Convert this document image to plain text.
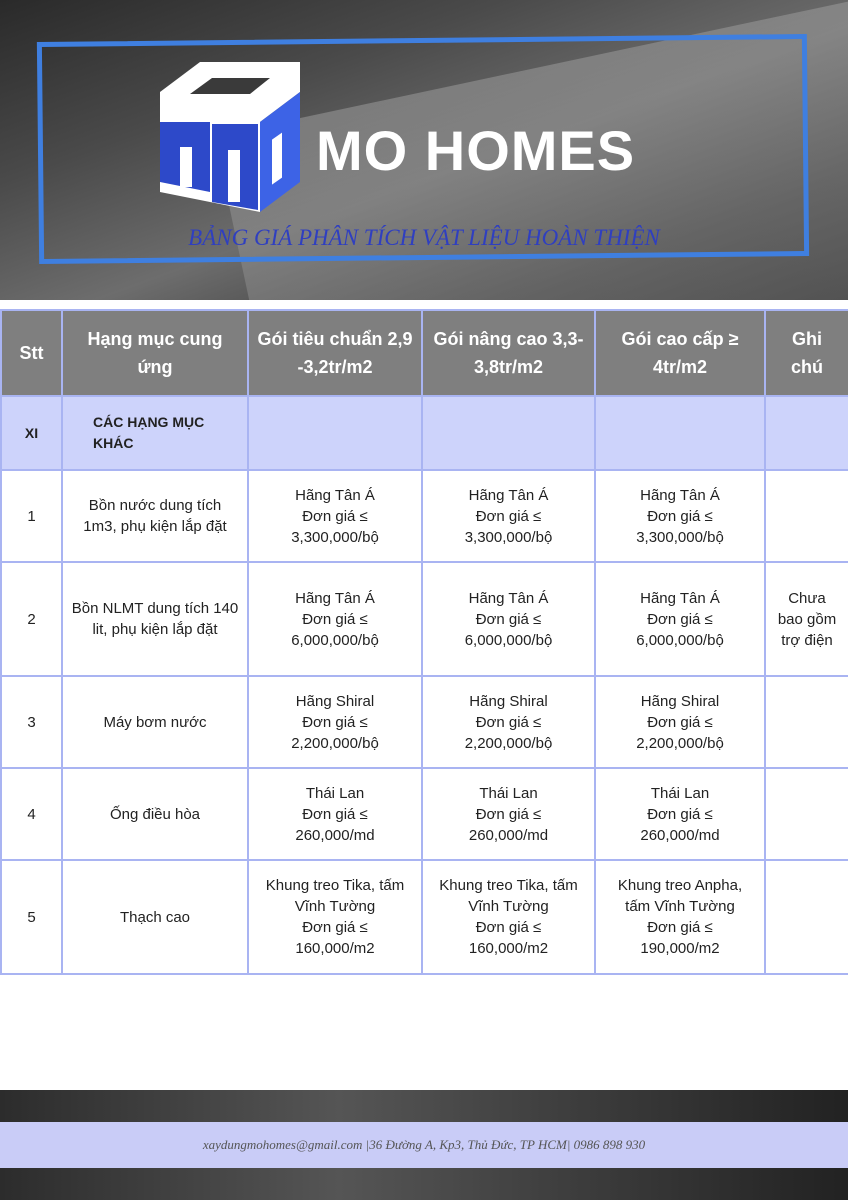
MO HOMES
BẢNG GIÁ PHÂN TÍCH VẬT LIỆU HOÀN THIỆN
Stt	Hạng mục cung ứng	Gói tiêu chuẩn 2,9 -3,2tr/m2	Gói nâng cao 3,3-3,8tr/m2	Gói cao cấp ≥ 4tr/m2	Ghi chú
XI	CÁC HẠNG MỤC KHÁC				
1	Bồn nước dung tích 1m3, phụ kiện lắp đặt	Hãng Tân Á
Đơn giá ≤
3,300,000/bộ	Hãng Tân Á
Đơn giá ≤
3,300,000/bộ	Hãng Tân Á
Đơn giá ≤
3,300,000/bộ	
2	Bồn NLMT dung tích 140 lit, phụ kiện lắp đặt	Hãng Tân Á
Đơn giá ≤
6,000,000/bộ	Hãng Tân Á
Đơn giá ≤
6,000,000/bộ	Hãng Tân Á
Đơn giá ≤
6,000,000/bộ	Chưa bao gồm trợ điện
3	Máy bơm nước	Hãng Shiral
Đơn giá ≤
2,200,000/bộ	Hãng Shiral
Đơn giá ≤
2,200,000/bộ	Hãng Shiral
Đơn giá ≤
2,200,000/bộ	
4	Ống điều hòa	Thái Lan
Đơn giá ≤
260,000/md	Thái Lan
Đơn giá ≤
260,000/md	Thái Lan
Đơn giá ≤
260,000/md	
5	Thạch cao	Khung treo Tika, tấm Vĩnh Tường
Đơn giá ≤
160,000/m2	Khung treo Tika, tấm Vĩnh Tường
Đơn giá ≤
160,000/m2	Khung treo Anpha, tấm Vĩnh Tường
Đơn giá ≤
190,000/m2	
xaydungmohomes@gmail.com |36 Đường A, Kp3, Thủ Đức, TP HCM| 0986 898 930
